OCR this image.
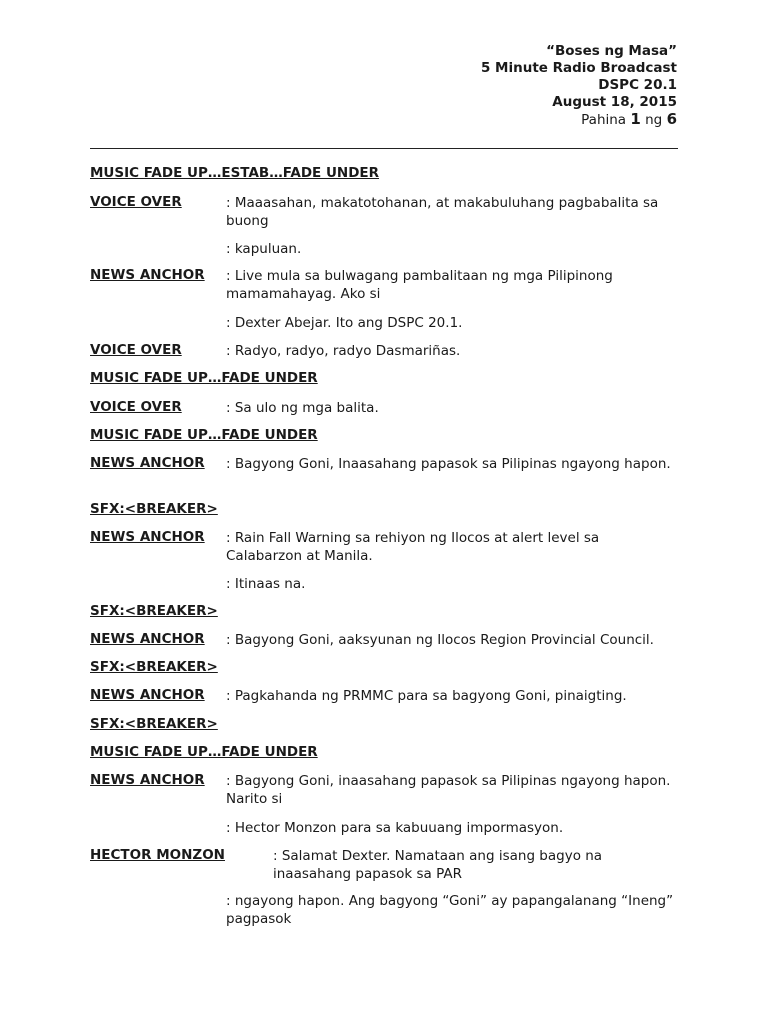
“Boses ng Masa”
5 Minute Radio Broadcast
DSPC 20.1
August 18, 2015
Pahina 1 ng 6
MUSIC FADE UP…ESTAB…FADE UNDER
VOICE OVER	: Maaasahan, makatotohanan, at makabuluhang pagbabalita sa buong
: kapuluan.
NEWS ANCHOR : Live mula sa bulwagang pambalitaan ng mga Pilipinong mamamahayag. Ako si
: Dexter Abejar. Ito ang DSPC 20.1.
VOICE OVER	: Radyo, radyo, radyo Dasmariñas.
MUSIC FADE UP…FADE UNDER
VOICE OVER	: Sa ulo ng mga balita.
MUSIC FADE UP…FADE UNDER
NEWS ANCHOR : Bagyong Goni, Inaasahang papasok sa Pilipinas ngayong hapon.
SFX:<BREAKER>
NEWS ANCHOR : Rain Fall Warning sa rehiyon ng Ilocos at alert level sa Calabarzon at Manila.
: Itinaas na.
SFX:<BREAKER>
NEWS ANCHOR : Bagyong Goni, aaksyunan ng Ilocos Region Provincial Council.
SFX:<BREAKER>
NEWS ANCHOR : Pagkahanda ng PRMMC para sa bagyong Goni, pinaigting.
SFX:<BREAKER>
MUSIC FADE UP…FADE UNDER
NEWS ANCHOR : Bagyong Goni, inaasahang papasok sa Pilipinas ngayong hapon. Narito si
: Hector Monzon para sa kabuuang impormasyon.
HECTOR MONZON	: Salamat Dexter. Namataan ang isang bagyo na inaasahang papasok sa PAR
: ngayong hapon. Ang bagyong “Goni” ay papangalanang “Ineng” pagpasok
